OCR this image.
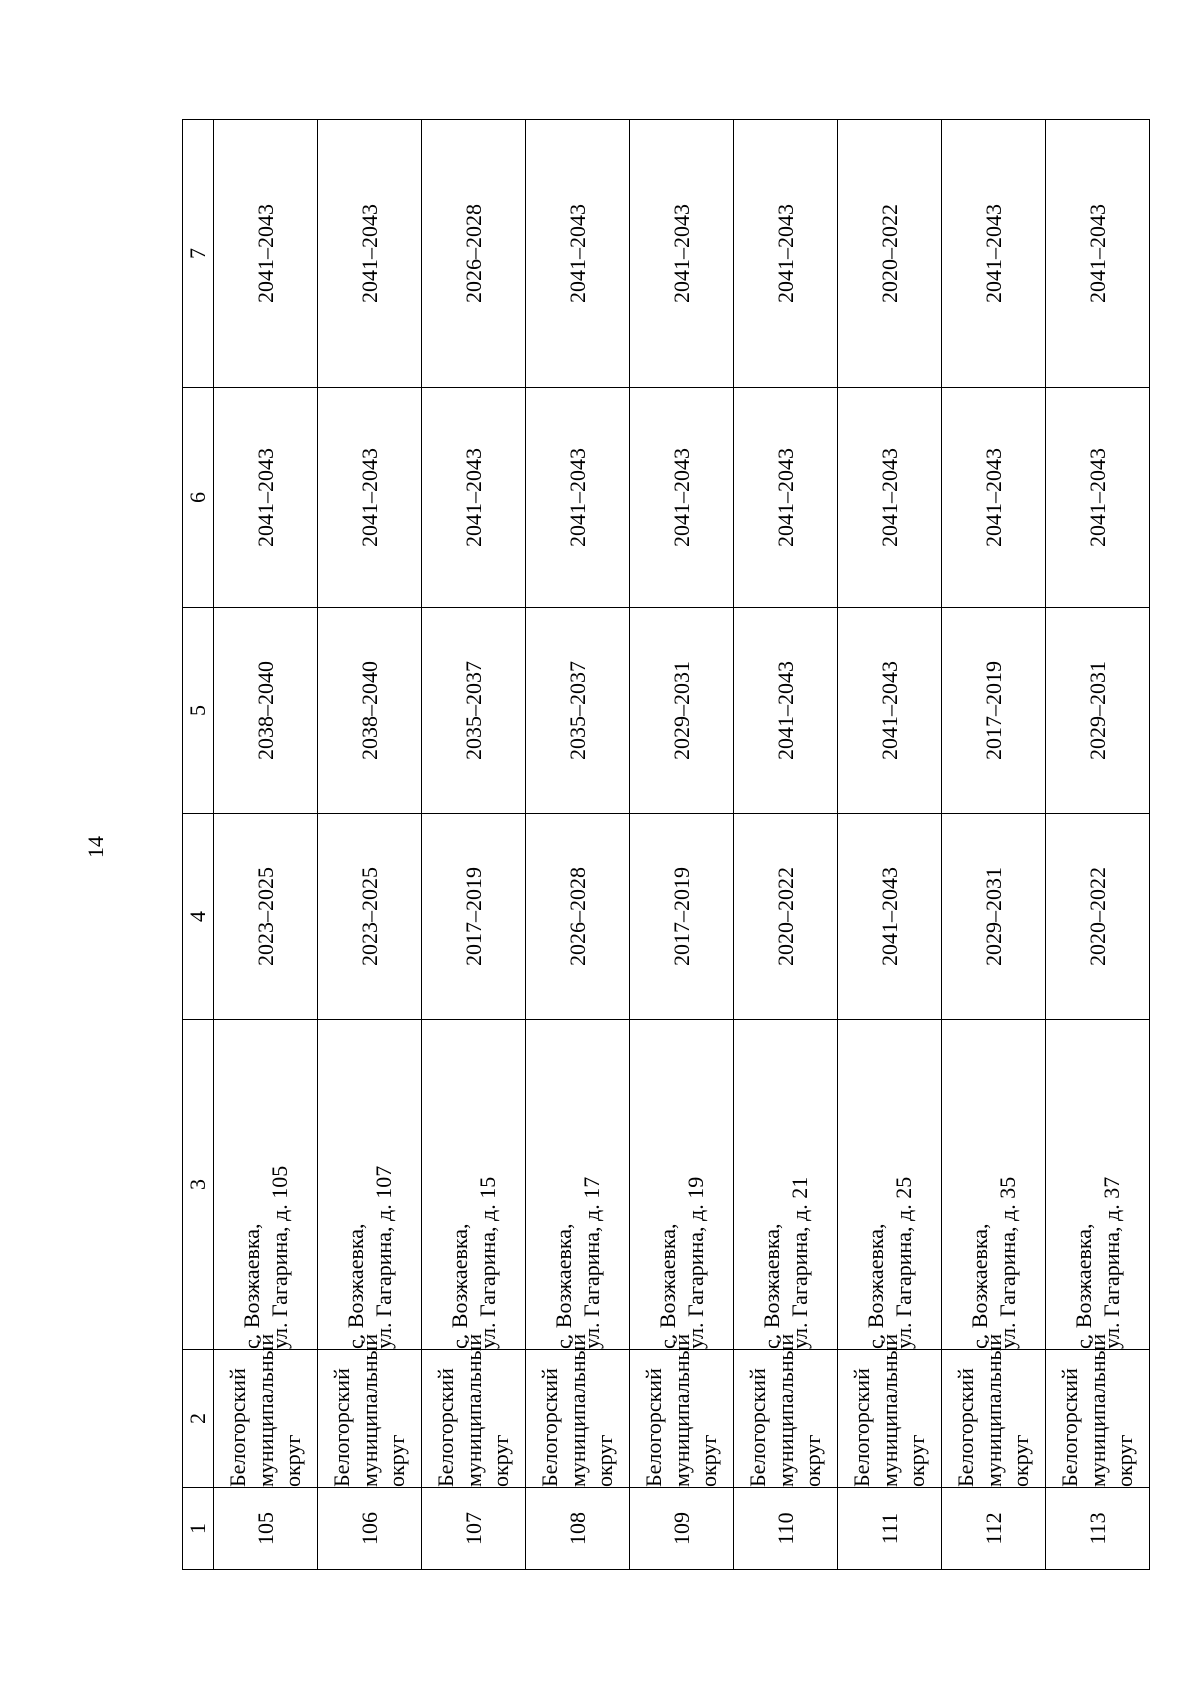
14
1	2	3	4	5	6	7
105	Белогорский муниципальный округ	с. Возжаевка, ул. Гагарина, д. 105	2023–2025	2038–2040	2041–2043	2041–2043
106	Белогорский муниципальный округ	с. Возжаевка, ул. Гагарина, д. 107	2023–2025	2038–2040	2041–2043	2041–2043
107	Белогорский муниципальный округ	с. Возжаевка, ул. Гагарина, д. 15	2017–2019	2035–2037	2041–2043	2026–2028
108	Белогорский муниципальный округ	с. Возжаевка, ул. Гагарина, д. 17	2026–2028	2035–2037	2041–2043	2041–2043
109	Белогорский муниципальный округ	с. Возжаевка, ул. Гагарина, д. 19	2017–2019	2029–2031	2041–2043	2041–2043
110	Белогорский муниципальный округ	с. Возжаевка, ул. Гагарина, д. 21	2020–2022	2041–2043	2041–2043	2041–2043
111	Белогорский муниципальный округ	с. Возжаевка, ул. Гагарина, д. 25	2041–2043	2041–2043	2041–2043	2020–2022
112	Белогорский муниципальный округ	с. Возжаевка, ул. Гагарина, д. 35	2029–2031	2017–2019	2041–2043	2041–2043
113	Белогорский муниципальный округ	с. Возжаевка, ул. Гагарина, д. 37	2020–2022	2029–2031	2041–2043	2041–2043
